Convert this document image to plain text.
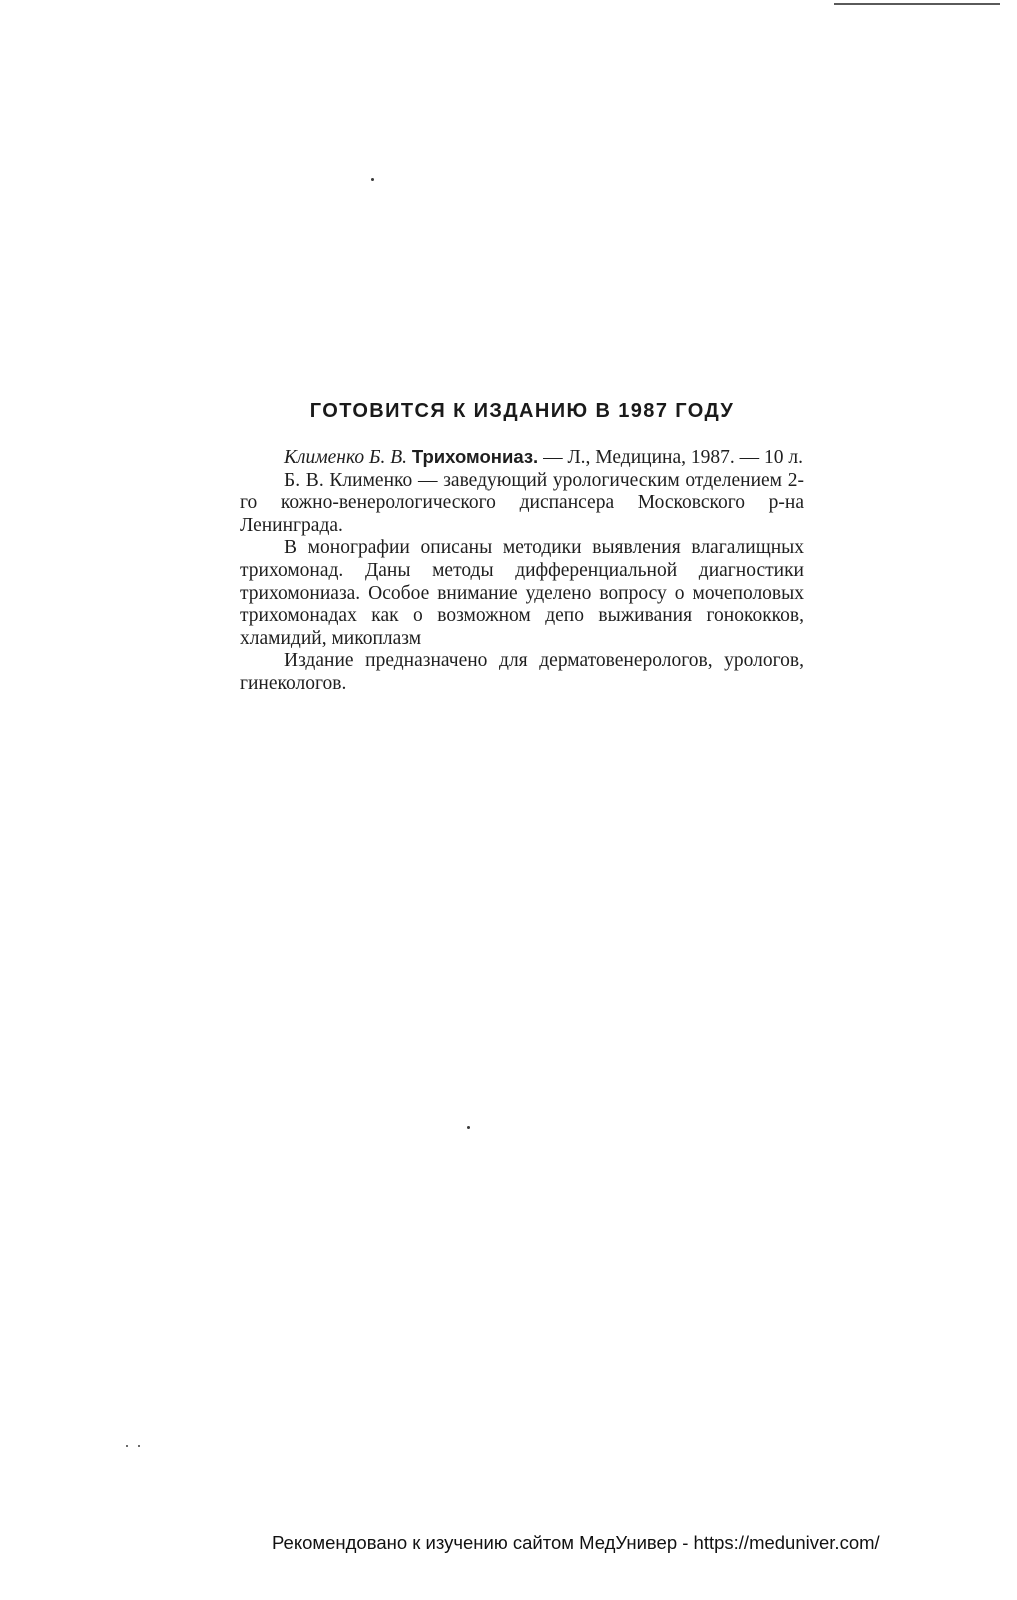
ГОТОВИТСЯ К ИЗДАНИЮ В 1987 ГОДУ

Клименко Б. В. Трихомониаз. — Л., Медицина, 1987. — 10 л.

Б. В. Клименко — заведующий урологическим отделением 2-го кожно-венерологического диспансера Московского р-на Ленинграда.

В монографии описаны методики выявления влагалищных трихомонад. Даны методы дифференциальной диагностики трихомониаза. Особое внимание уделено вопросу о мочеполовых трихомонадах как о возможном депо выживания гонококков, хламидий, микоплазм

Издание предназначено для дерматовенерологов, урологов, гинекологов.

Рекомендовано к изучению сайтом МедУнивер - https://meduniver.com/
